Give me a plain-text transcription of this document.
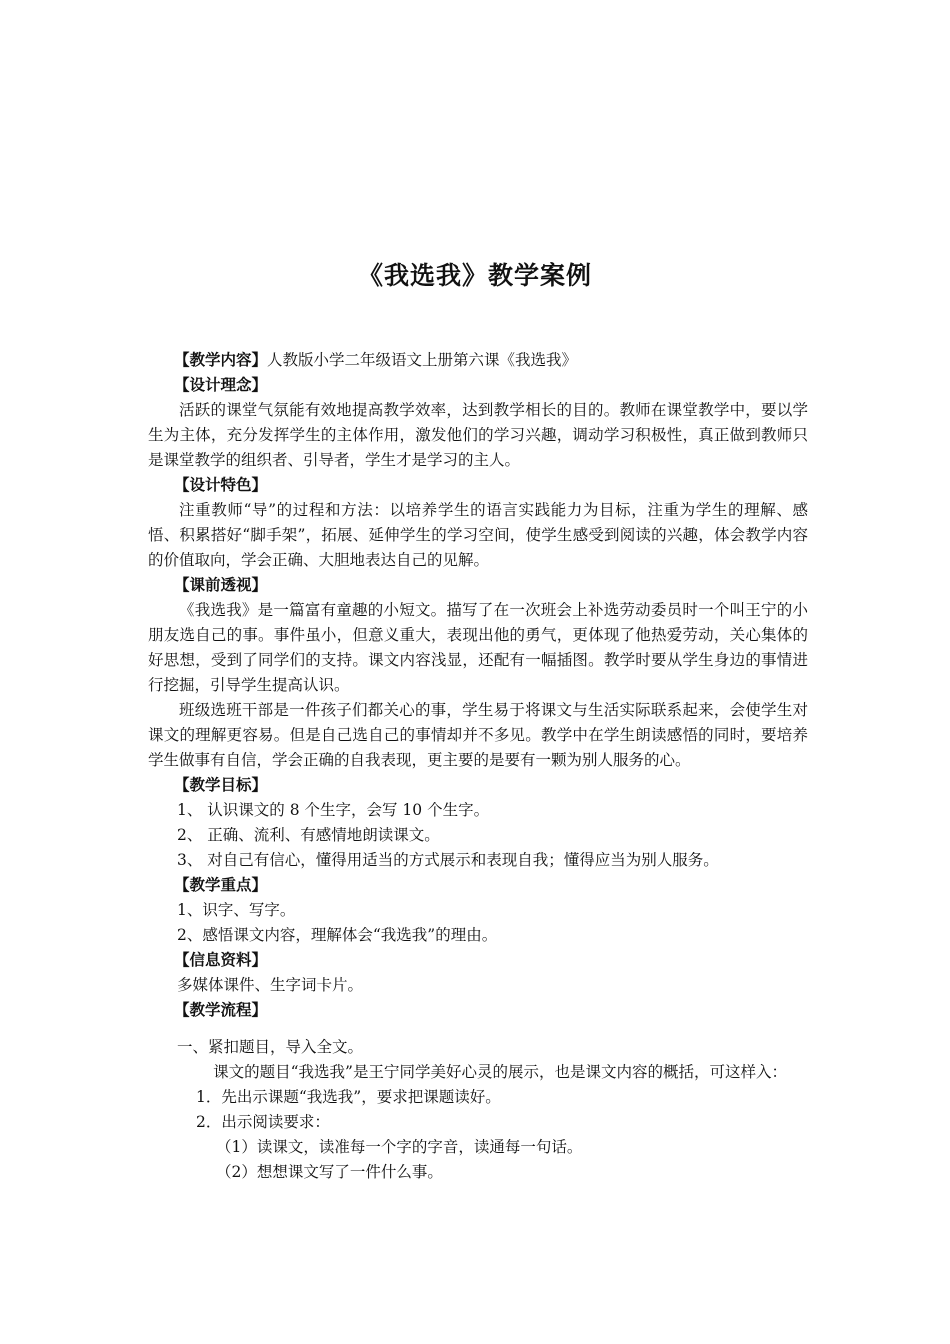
《我选我》教学案例
【教学内容】人教版小学二年级语文上册第六课《我选我》
【设计理念】
活跃的课堂气氛能有效地提高教学效率，达到教学相长的目的。教师在课堂教学中，要以学生为主体，充分发挥学生的主体作用，激发他们的学习兴趣，调动学习积极性，真正做到教师只是课堂教学的组织者、引导者，学生才是学习的主人。
【设计特色】
注重教师“导”的过程和方法：以培养学生的语言实践能力为目标，注重为学生的理解、感悟、积累搭好“脚手架”，拓展、延伸学生的学习空间，使学生感受到阅读的兴趣，体会教学内容的价值取向，学会正确、大胆地表达自己的见解。
【课前透视】
《我选我》是一篇富有童趣的小短文。描写了在一次班会上补选劳动委员时一个叫王宁的小朋友选自己的事。事件虽小，但意义重大，表现出他的勇气，更体现了他热爱劳动，关心集体的好思想，受到了同学们的支持。课文内容浅显，还配有一幅插图。教学时要从学生身边的事情进行挖掘，引导学生提高认识。
班级选班干部是一件孩子们都关心的事，学生易于将课文与生活实际联系起来，会使学生对课文的理解更容易。但是自己选自己的事情却并不多见。教学中在学生朗读感悟的同时，要培养学生做事有自信，学会正确的自我表现，更主要的是要有一颗为别人服务的心。
【教学目标】
1、 认识课文的 8 个生字，会写 10 个生字。
2、 正确、流利、有感情地朗读课文。
3、 对自己有信心，懂得用适当的方式展示和表现自我；懂得应当为别人服务。
【教学重点】
1、识字、写字。
2、感悟课文内容，理解体会“我选我”的理由。
【信息资料】
多媒体课件、生字词卡片。
【教学流程】
一、紧扣题目，导入全文。
课文的题目“我选我”是王宁同学美好心灵的展示，也是课文内容的概括，可这样入：
1．先出示课题“我选我”，要求把课题读好。
2．出示阅读要求：
（1）读课文，读准每一个字的字音，读通每一句话。
（2）想想课文写了一件什么事。
